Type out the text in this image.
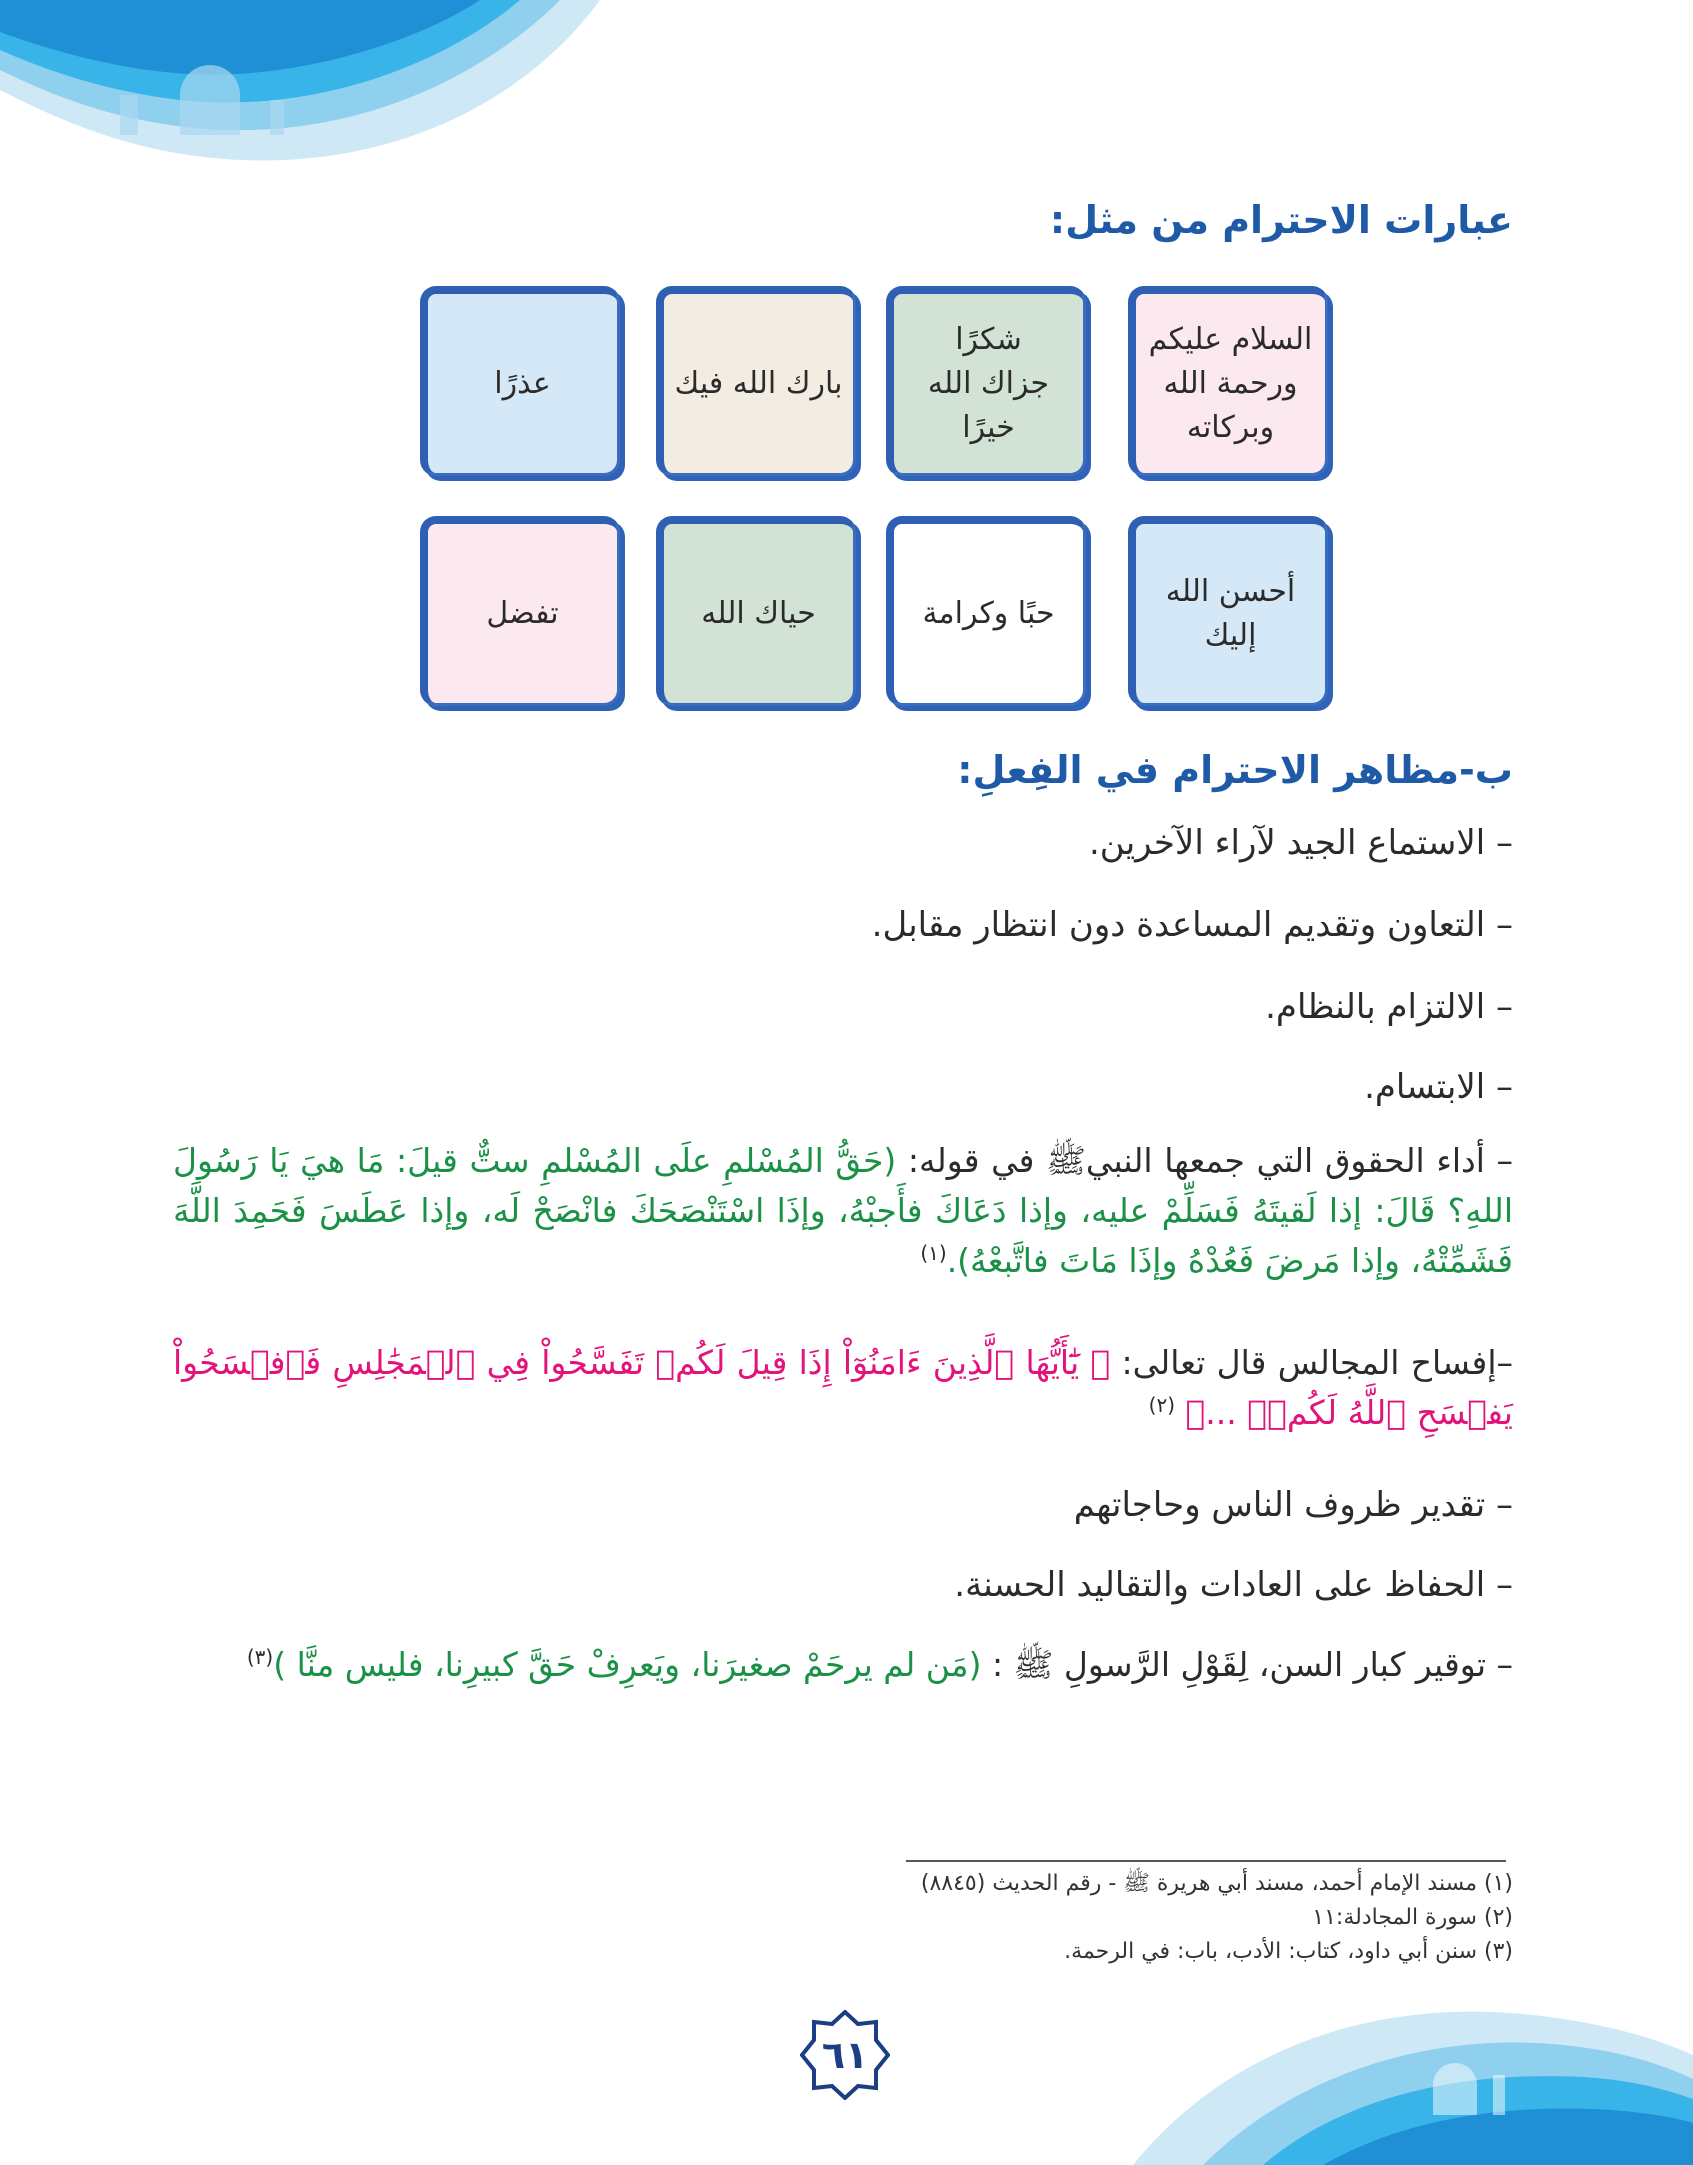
عبارات الاحترام من مثل:
السلام عليكم
ورحمة الله
وبركاته
شكرًا
جزاك الله خيرًا
بارك الله فيك
عذرًا
أحسن الله
إليك
حبًا وكرامة
حياك الله
تفضل
ب-مظاهر الاحترام في الفِعلِ:
– الاستماع الجيد لآراء الآخرين.
– التعاون وتقديم المساعدة دون انتظار مقابل.
– الالتزام بالنظام.
– الابتسام.
– أداء الحقوق التي جمعها النبيﷺ في قوله: (حَقُّ المُسْلمِ علَى المُسْلمِ ستٌّ قيلَ: مَا هيَ يَا رَسُولَ اللهِ؟ قَالَ: إذا لَقيتَهُ فَسَلِّمْ عليه، وإذا دَعَاكَ فأَجبْهُ، وإذَا اسْتَنْصَحَكَ فانْصَحْ لَه، وإذا عَطَسَ فَحَمِدَ اللَّهَ فَشَمِّتْهُ، وإذا مَرضَ فَعُدْهُ وإذَا مَاتَ فاتَّبعْهُ).$^{(١)}$
–إفساح المجالس قال تعالى: ﴿ يَٰٓأَيُّهَا ٱلَّذِينَ ءَامَنُوٓاْ إِذَا قِيلَ لَكُمۡ تَفَسَّحُواْ فِي ٱلۡمَجَٰلِسِ فَٱفۡسَحُواْ يَفۡسَحِ ٱللَّهُ لَكُمۡۖ ...﴾ $^{(٢)}$
– تقدير ظروف الناس وحاجاتهم
– الحفاظ على العادات والتقاليد الحسنة.
– توقير كبار السن، لِقَوْلِ الرَّسولِ ﷺ : (مَن لم يرحَمْ صغيرَنا، ويَعرِفْ حَقَّ كبيرِنا، فليس منَّا )$^{(٣)}$
(١) مسند الإمام أحمد، مسند أبي هريرة ﷺ - رقم الحديث (٨٨٤٥)
(٢) سورة المجادلة:١١
(٣) سنن أبي داود، كتاب: الأدب، باب: في الرحمة.
٦١
